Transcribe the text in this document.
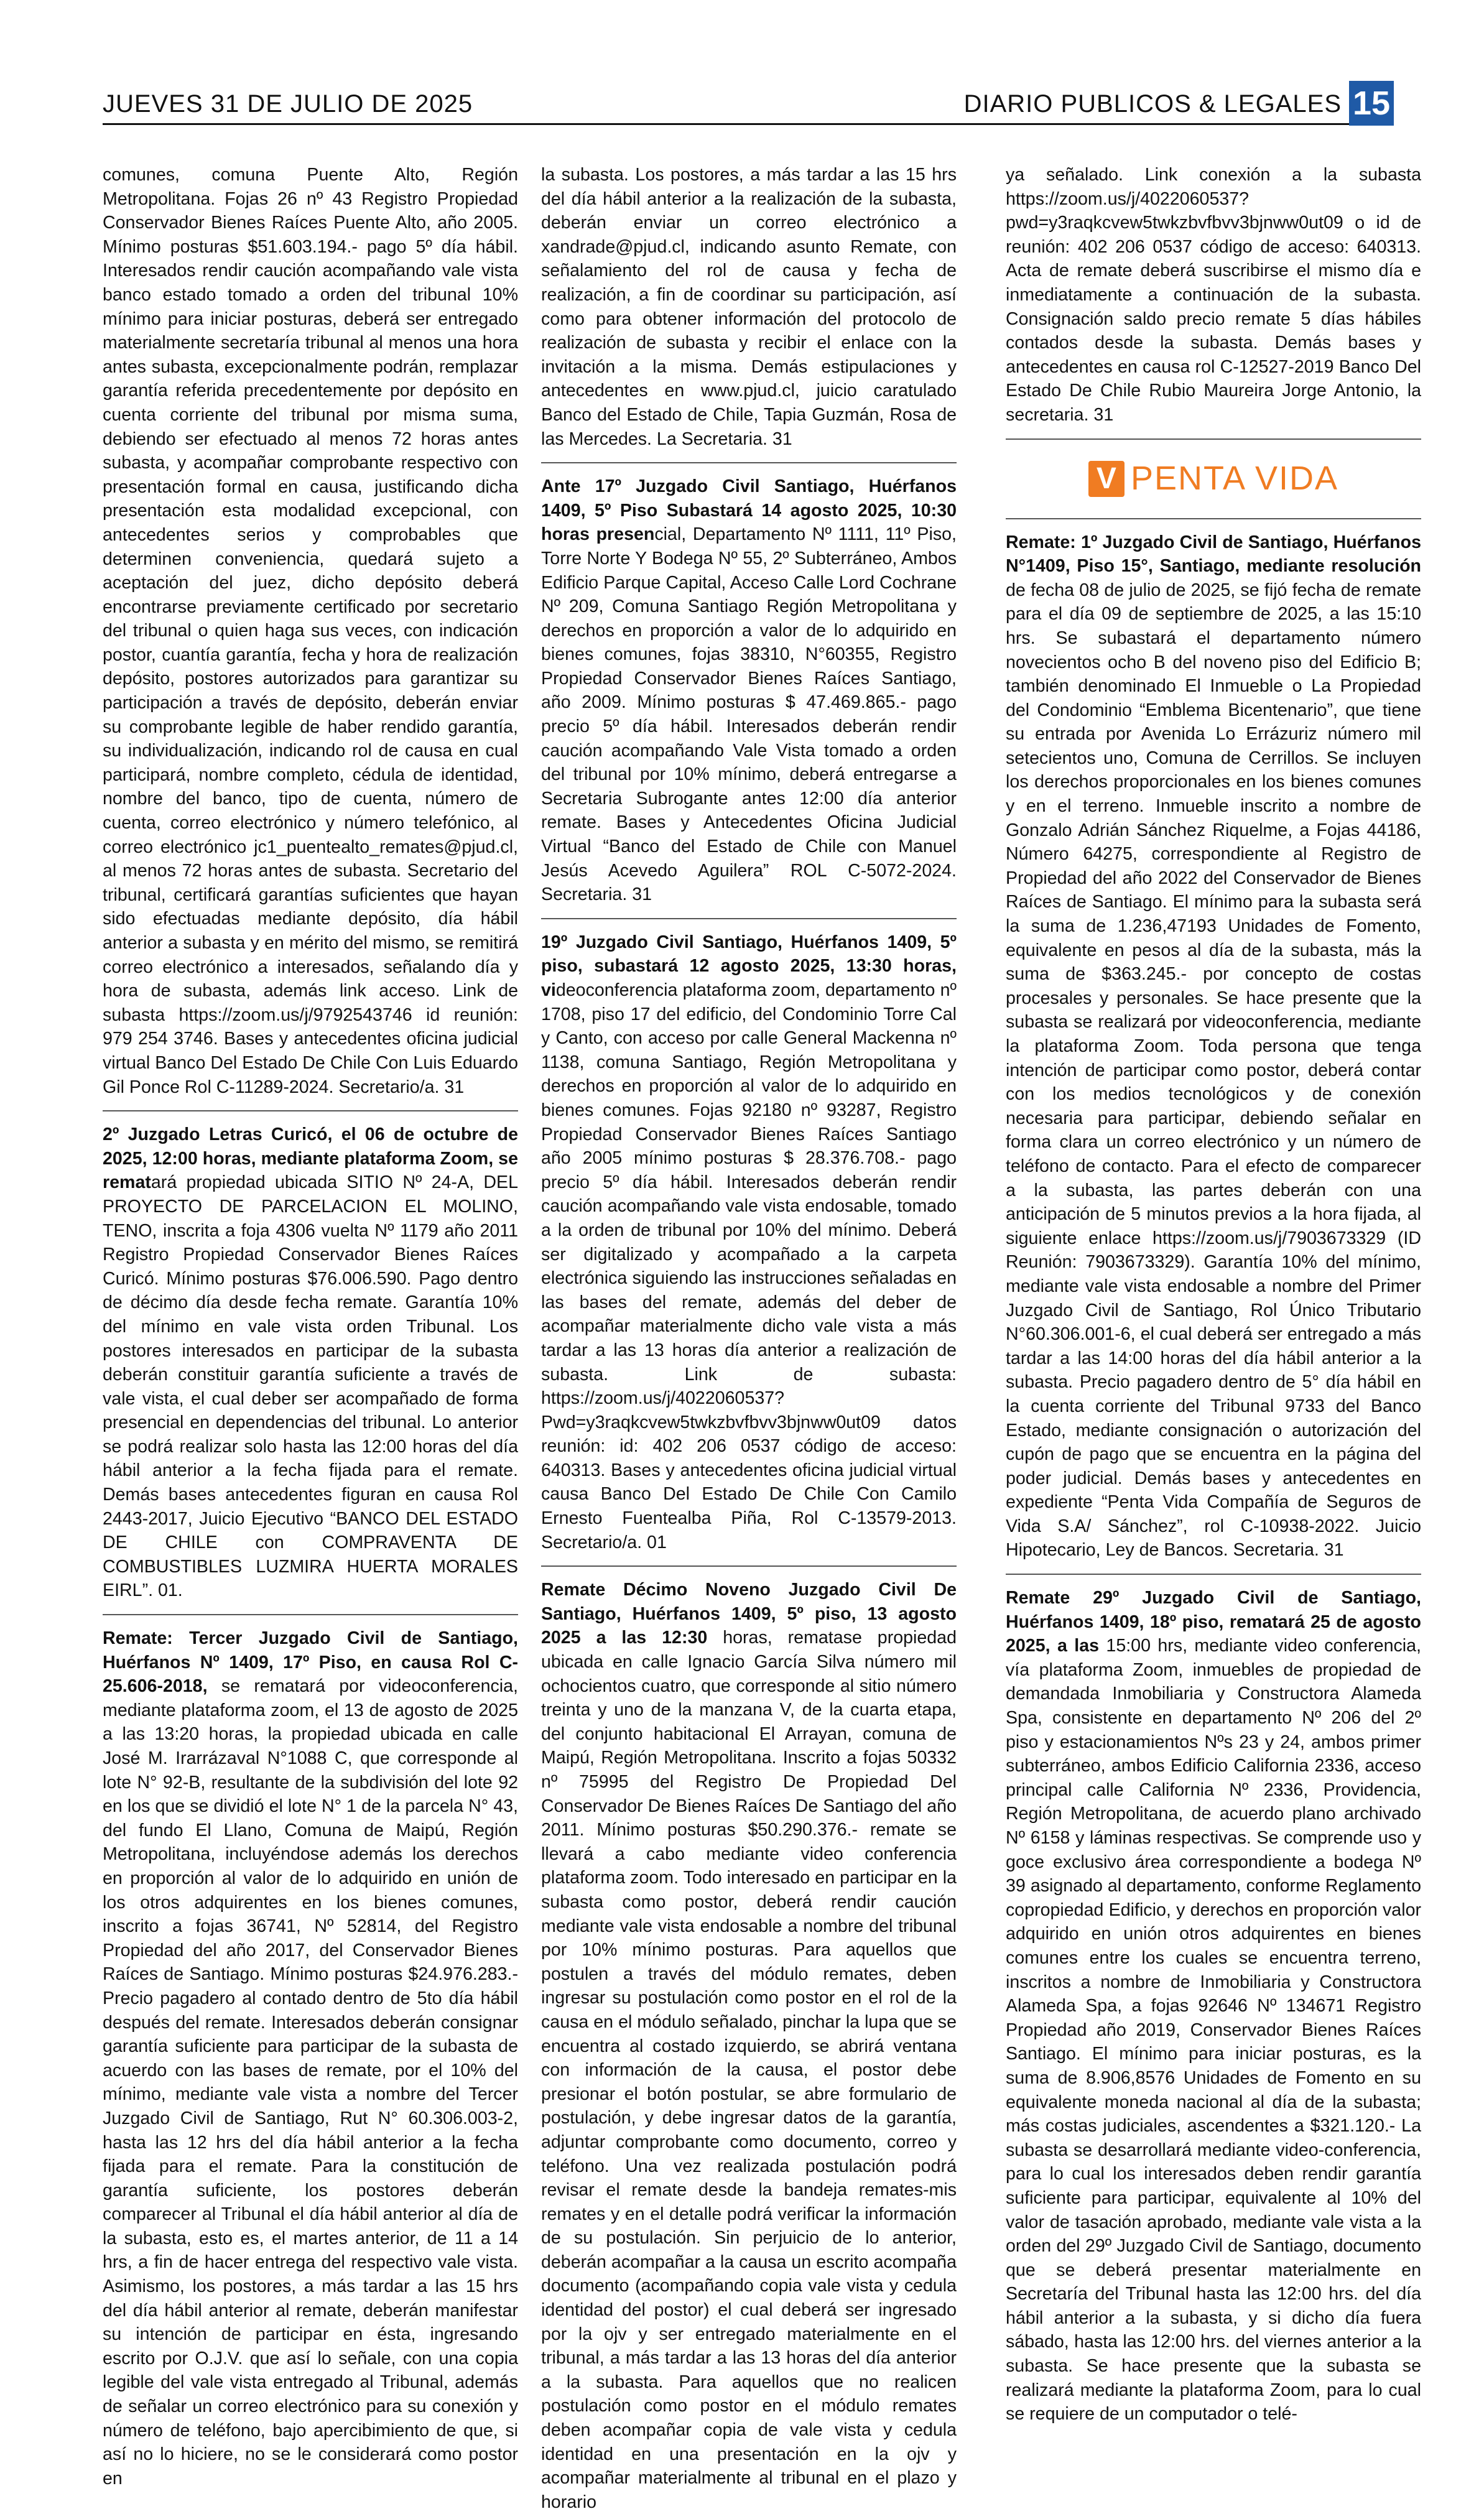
JUEVES 31 DE JULIO DE 2025	DIARIO PUBLICOS & LEGALES 15

comunes, comuna Puente Alto, Región Metropolitana. Fojas 26 nº 43 Registro Propiedad Conservador Bienes Raíces Puente Alto, año 2005. Mínimo posturas $51.603.194.- pago 5º día hábil. Interesados rendir caución acompañando vale vista banco estado tomado a orden del tribunal 10% mínimo para iniciar posturas, deberá ser entregado materialmente secretaría tribunal al menos una hora antes subasta, excepcionalmente podrán, remplazar garantía referida precedentemente por depósito en cuenta corriente del tribunal por misma suma, debiendo ser efectuado al menos 72 horas antes subasta, y acompañar comprobante respectivo con presentación formal en causa, justificando dicha presentación esta modalidad excepcional, con antecedentes serios y comprobables que determinen conveniencia, quedará sujeto a aceptación del juez, dicho depósito deberá encontrarse previamente certificado por secretario del tribunal o quien haga sus veces, con indicación postor, cuantía garantía, fecha y hora de realización depósito, postores autorizados para garantizar su participación a través de depósito, deberán enviar su comprobante legible de haber rendido garantía, su individualización, indicando rol de causa en cual participará, nombre completo, cédula de identidad, nombre del banco, tipo de cuenta, número de cuenta, correo electrónico y número telefónico, al correo electrónico jc1_puentealto_remates@pjud.cl, al menos 72 horas antes de subasta. Secretario del tribunal, certificará garantías suficientes que hayan sido efectuadas mediante depósito, día hábil anterior a subasta y en mérito del mismo, se remitirá correo electrónico a interesados, señalando día y hora de subasta, además link acceso. Link de subasta https://zoom.us/j/9792543746 id reunión: 979 254 3746. Bases y antecedentes oficina judicial virtual Banco Del Estado De Chile Con Luis Eduardo Gil Ponce Rol C-11289-2024. Secretario/a. 31

2º Juzgado Letras Curicó, el 06 de octubre de 2025, 12:00 horas, mediante plataforma Zoom, se rematará propiedad ubicada SITIO Nº 24-A, DEL PROYECTO DE PARCELACION EL MOLINO, TENO, inscrita a foja 4306 vuelta Nº 1179 año 2011 Registro Propiedad Conservador Bienes Raíces Curicó. Mínimo posturas $76.006.590. Pago dentro de décimo día desde fecha remate. Garantía 10% del mínimo en vale vista orden Tribunal. Los postores interesados en participar de la subasta deberán constituir garantía suficiente a través de vale vista, el cual deber ser acompañado de forma presencial en dependencias del tribunal. Lo anterior se podrá realizar solo hasta las 12:00 horas del día hábil anterior a la fecha fijada para el remate. Demás bases antecedentes figuran en causa Rol 2443-2017, Juicio Ejecutivo “BANCO DEL ESTADO DE CHILE con COMPRAVENTA DE COMBUSTIBLES LUZMIRA HUERTA MORALES EIRL”. 01.

Remate: Tercer Juzgado Civil de Santiago, Huérfanos Nº 1409, 17º Piso, en causa Rol C-25.606-2018, se rematará por videoconferencia, mediante plataforma zoom, el 13 de agosto de 2025 a las 13:20 horas, la propiedad ubicada en calle José M. Irarrázaval N°1088 C, que corresponde al lote N° 92-B, resultante de la subdivisión del lote 92 en los que se dividió el lote N° 1 de la parcela N° 43, del fundo El Llano, Comuna de Maipú, Región Metropolitana, incluyéndose además los derechos en proporción al valor de lo adquirido en unión de los otros adquirentes en los bienes comunes, inscrito a fojas 36741, Nº 52814, del Registro Propiedad del año 2017, del Conservador Bienes Raíces de Santiago. Mínimo posturas $24.976.283.- Precio pagadero al contado dentro de 5to día hábil después del remate. Interesados deberán consignar garantía suficiente para participar de la subasta de acuerdo con las bases de remate, por el 10% del mínimo, mediante vale vista a nombre del Tercer Juzgado Civil de Santiago, Rut N° 60.306.003-2, hasta las 12 hrs del día hábil anterior a la fecha fijada para el remate. Para la constitución de garantía suficiente, los postores deberán comparecer al Tribunal el día hábil anterior al día de la subasta, esto es, el martes anterior, de 11 a 14 hrs, a fin de hacer entrega del respectivo vale vista. Asimismo, los postores, a más tardar a las 15 hrs del día hábil anterior al remate, deberán manifestar su intención de participar en ésta, ingresando escrito por O.J.V. que así lo señale, con una copia legible del vale vista entregado al Tribunal, además de señalar un correo electrónico para su conexión y número de teléfono, bajo apercibimiento de que, si así no lo hiciere, no se le considerará como postor en

la subasta. Los postores, a más tardar a las 15 hrs del día hábil anterior a la realización de la subasta, deberán enviar un correo electrónico a xandrade@pjud.cl, indicando asunto Remate, con señalamiento del rol de causa y fecha de realización, a fin de coordinar su participación, así como para obtener información del protocolo de realización de subasta y recibir el enlace con la invitación a la misma. Demás estipulaciones y antecedentes en www.pjud.cl, juicio caratulado Banco del Estado de Chile, Tapia Guzmán, Rosa de las Mercedes. La Secretaria. 31

Ante 17º Juzgado Civil Santiago, Huérfanos 1409, 5º Piso Subastará 14 agosto 2025, 10:30 horas presencial, Departamento Nº 1111, 11º Piso, Torre Norte Y Bodega Nº 55, 2º Subterráneo, Ambos Edificio Parque Capital, Acceso Calle Lord Cochrane Nº 209, Comuna Santiago Región Metropolitana y derechos en proporción a valor de lo adquirido en bienes comunes, fojas 38310, N°60355, Registro Propiedad Conservador Bienes Raíces Santiago, año 2009. Mínimo posturas $ 47.469.865.- pago precio 5º día hábil. Interesados deberán rendir caución acompañando Vale Vista tomado a orden del tribunal por 10% mínimo, deberá entregarse a Secretaria Subrogante antes 12:00 día anterior remate. Bases y Antecedentes Oficina Judicial Virtual “Banco del Estado de Chile con Manuel Jesús Acevedo Aguilera” ROL C-5072-2024. Secretaria. 31

19º Juzgado Civil Santiago, Huérfanos 1409, 5º piso, subastará 12 agosto 2025, 13:30 horas, videoconferencia plataforma zoom, departamento nº 1708, piso 17 del edificio, del Condominio Torre Cal y Canto, con acceso por calle General Mackenna nº 1138, comuna Santiago, Región Metropolitana y derechos en proporción al valor de lo adquirido en bienes comunes. Fojas 92180 nº 93287, Registro Propiedad Conservador Bienes Raíces Santiago año 2005 mínimo posturas $ 28.376.708.- pago precio 5º día hábil. Interesados deberán rendir caución acompañando vale vista endosable, tomado a la orden de tribunal por 10% del mínimo. Deberá ser digitalizado y acompañado a la carpeta electrónica siguiendo las instrucciones señaladas en las bases del remate, además del deber de acompañar materialmente dicho vale vista a más tardar a las 13 horas día anterior a realización de subasta. Link de subasta: https://zoom.us/j/4022060537?Pwd=y3raqkcvew5twkzbvfbvv3bjnww0ut09 datos reunión: id: 402 206 0537 código de acceso: 640313. Bases y antecedentes oficina judicial virtual causa Banco Del Estado De Chile Con Camilo Ernesto Fuentealba Piña, Rol C-13579-2013. Secretario/a. 01

Remate Décimo Noveno Juzgado Civil De Santiago, Huérfanos 1409, 5º piso, 13 agosto 2025 a las 12:30 horas, rematase propiedad ubicada en calle Ignacio García Silva número mil ochocientos cuatro, que corresponde al sitio número treinta y uno de la manzana V, de la cuarta etapa, del conjunto habitacional El Arrayan, comuna de Maipú, Región Metropolitana. Inscrito a fojas 50332 nº 75995 del Registro De Propiedad Del Conservador De Bienes Raíces De Santiago del año 2011. Mínimo posturas $50.290.376.- remate se llevará a cabo mediante video conferencia plataforma zoom. Todo interesado en participar en la subasta como postor, deberá rendir caución mediante vale vista endosable a nombre del tribunal por 10% mínimo posturas. Para aquellos que postulen a través del módulo remates, deben ingresar su postulación como postor en el rol de la causa en el módulo señalado, pinchar la lupa que se encuentra al costado izquierdo, se abrirá ventana con información de la causa, el postor debe presionar el botón postular, se abre formulario de postulación, y debe ingresar datos de la garantía, adjuntar comprobante como documento, correo y teléfono. Una vez realizada postulación podrá revisar el remate desde la bandeja remates-mis remates y en el detalle podrá verificar la información de su postulación. Sin perjuicio de lo anterior, deberán acompañar a la causa un escrito acompaña documento (acompañando copia vale vista y cedula identidad del postor) el cual deberá ser ingresado por la ojv y ser entregado materialmente en el tribunal, a más tardar a las 13 horas del día anterior a la subasta. Para aquellos que no realicen postulación como postor en el módulo remates deben acompañar copia de vale vista y cedula identidad en una presentación en la ojv y acompañar materialmente al tribunal en el plazo y horario

ya señalado. Link conexión a la subasta https://zoom.us/j/4022060537?pwd=y3raqkcvew5twkzbvfbvv3bjnww0ut09 o id de reunión: 402 206 0537 código de acceso: 640313. Acta de remate deberá suscribirse el mismo día e inmediatamente a continuación de la subasta. Consignación saldo precio remate 5 días hábiles contados desde la subasta. Demás bases y antecedentes en causa rol C-12527-2019 Banco Del Estado De Chile Rubio Maureira Jorge Antonio, la secretaria. 31

V PENTA VIDA

Remate: 1º Juzgado Civil de Santiago, Huérfanos N°1409, Piso 15°, Santiago, mediante resolución de fecha 08 de julio de 2025, se fijó fecha de remate para el día 09 de septiembre de 2025, a las 15:10 hrs. Se subastará el departamento número novecientos ocho B del noveno piso del Edificio B; también denominado El Inmueble o La Propiedad del Condominio “Emblema Bicentenario”, que tiene su entrada por Avenida Lo Errázuriz número mil setecientos uno, Comuna de Cerrillos. Se incluyen los derechos proporcionales en los bienes comunes y en el terreno. Inmueble inscrito a nombre de Gonzalo Adrián Sánchez Riquelme, a Fojas 44186, Número 64275, correspondiente al Registro de Propiedad del año 2022 del Conservador de Bienes Raíces de Santiago. El mínimo para la subasta será la suma de 1.236,47193 Unidades de Fomento, equivalente en pesos al día de la subasta, más la suma de $363.245.- por concepto de costas procesales y personales. Se hace presente que la subasta se realizará por videoconferencia, mediante la plataforma Zoom. Toda persona que tenga intención de participar como postor, deberá contar con los medios tecnológicos y de conexión necesaria para participar, debiendo señalar en forma clara un correo electrónico y un número de teléfono de contacto. Para el efecto de comparecer a la subasta, las partes deberán con una anticipación de 5 minutos previos a la hora fijada, al siguiente enlace https://zoom.us/j/7903673329 (ID Reunión: 7903673329). Garantía 10% del mínimo, mediante vale vista endosable a nombre del Primer Juzgado Civil de Santiago, Rol Único Tributario N°60.306.001-6, el cual deberá ser entregado a más tardar a las 14:00 horas del día hábil anterior a la subasta. Precio pagadero dentro de 5° día hábil en la cuenta corriente del Tribunal 9733 del Banco Estado, mediante consignación o autorización del cupón de pago que se encuentra en la página del poder judicial. Demás bases y antecedentes en expediente “Penta Vida Compañía de Seguros de Vida S.A/ Sánchez”, rol C-10938-2022. Juicio Hipotecario, Ley de Bancos. Secretaria. 31

Remate 29º Juzgado Civil de Santiago, Huérfanos 1409, 18º piso, rematará 25 de agosto 2025, a las 15:00 hrs, mediante video conferencia, vía plataforma Zoom, inmuebles de propiedad de demandada Inmobiliaria y Constructora Alameda Spa, consistente en departamento Nº 206 del 2º piso y estacionamientos Nºs 23 y 24, ambos primer subterráneo, ambos Edificio California 2336, acceso principal calle California Nº 2336, Providencia, Región Metropolitana, de acuerdo plano archivado Nº 6158 y láminas respectivas. Se comprende uso y goce exclusivo área correspondiente a bodega Nº 39 asignado al departamento, conforme Reglamento copropiedad Edificio, y derechos en proporción valor adquirido en unión otros adquirentes en bienes comunes entre los cuales se encuentra terreno, inscritos a nombre de Inmobiliaria y Constructora Alameda Spa, a fojas 92646 Nº 134671 Registro Propiedad año 2019, Conservador Bienes Raíces Santiago. El mínimo para iniciar posturas, es la suma de 8.906,8576 Unidades de Fomento en su equivalente moneda nacional al día de la subasta; más costas judiciales, ascendentes a $321.120.- La subasta se desarrollará mediante video-conferencia, para lo cual los interesados deben rendir garantía suficiente para participar, equivalente al 10% del valor de tasación aprobado, mediante vale vista a la orden del 29º Juzgado Civil de Santiago, documento que se deberá presentar materialmente en Secretaría del Tribunal hasta las 12:00 hrs. del día hábil anterior a la subasta, y si dicho día fuera sábado, hasta las 12:00 hrs. del viernes anterior a la subasta. Se hace presente que la subasta se realizará mediante la plataforma Zoom, para lo cual se requiere de un computador o telé-
